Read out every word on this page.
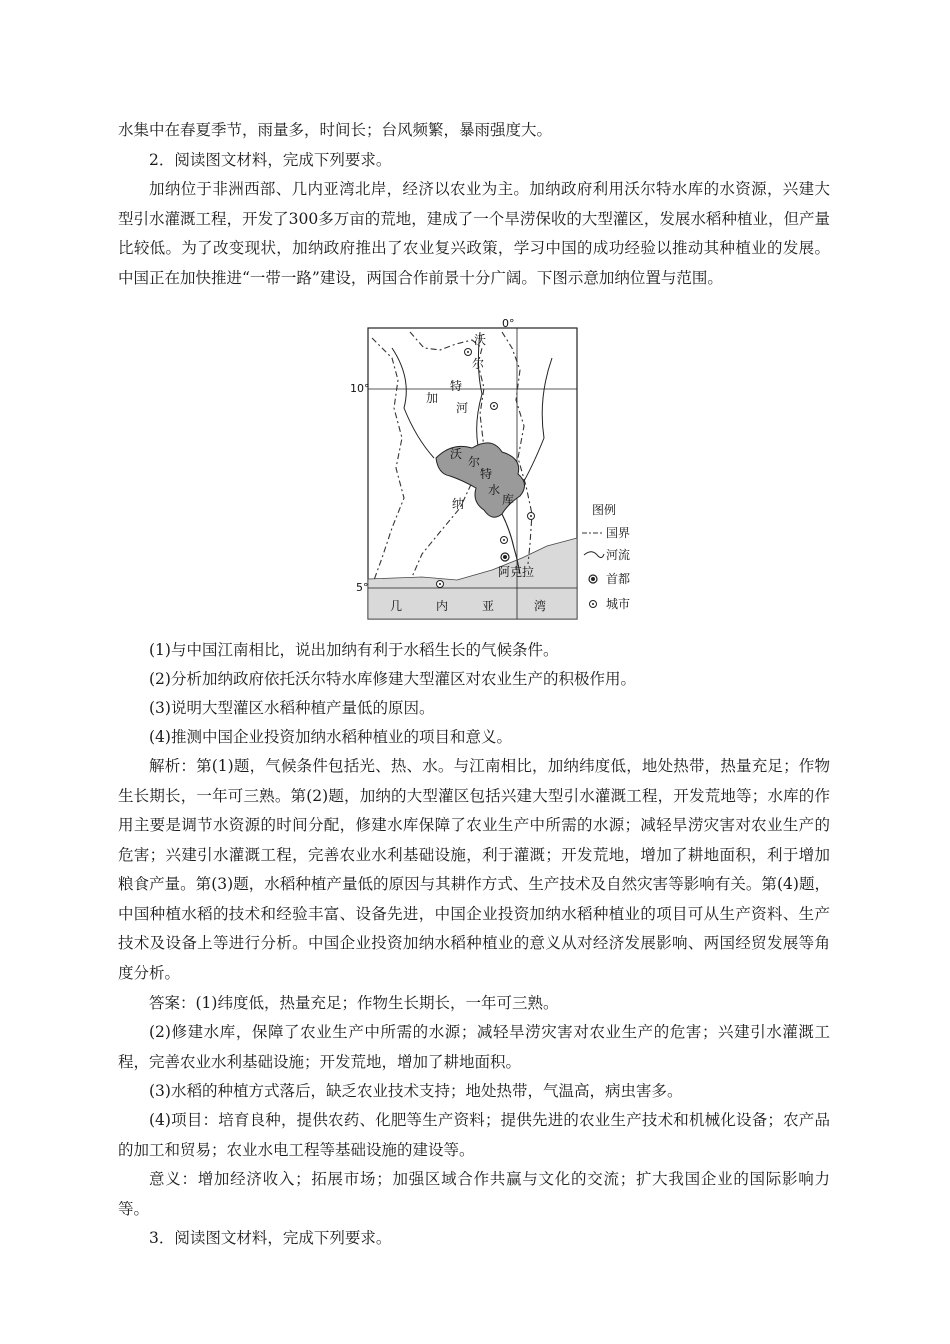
水集中在春夏季节，雨量多，时间长；台风频繁，暴雨强度大。

2．阅读图文材料，完成下列要求。

加纳位于非洲西部、几内亚湾北岸，经济以农业为主。加纳政府利用沃尔特水库的水资源，兴建大型引水灌溉工程，开发了300多万亩的荒地，建成了一个旱涝保收的大型灌区，发展水稻种植业，但产量比较低。为了改变现状，加纳政府推出了农业复兴政策，学习中国的成功经验以推动其种植业的发展。中国正在加快推进“一带一路”建设，两国合作前景十分广阔。下图示意加纳位置与范围。

10°
5°
0°
沃
尔
特
河
加
纳
沃
尔
特
水
库
阿克拉
几	内	亚	湾
图例
国界
河流
首都
城市

(1)与中国江南相比，说出加纳有利于水稻生长的气候条件。

(2)分析加纳政府依托沃尔特水库修建大型灌区对农业生产的积极作用。

(3)说明大型灌区水稻种植产量低的原因。

(4)推测中国企业投资加纳水稻种植业的项目和意义。

解析：第(1)题，气候条件包括光、热、水。与江南相比，加纳纬度低，地处热带，热量充足；作物生长期长，一年可三熟。第(2)题，加纳的大型灌区包括兴建大型引水灌溉工程，开发荒地等；水库的作用主要是调节水资源的时间分配，修建水库保障了农业生产中所需的水源；减轻旱涝灾害对农业生产的危害；兴建引水灌溉工程，完善农业水利基础设施，利于灌溉；开发荒地，增加了耕地面积，利于增加粮食产量。第(3)题，水稻种植产量低的原因与其耕作方式、生产技术及自然灾害等影响有关。第(4)题，中国种植水稻的技术和经验丰富、设备先进，中国企业投资加纳水稻种植业的项目可从生产资料、生产技术及设备上等进行分析。中国企业投资加纳水稻种植业的意义从对经济发展影响、两国经贸发展等角度分析。

答案：(1)纬度低，热量充足；作物生长期长，一年可三熟。

(2)修建水库，保障了农业生产中所需的水源；减轻旱涝灾害对农业生产的危害；兴建引水灌溉工程，完善农业水利基础设施；开发荒地，增加了耕地面积。

(3)水稻的种植方式落后，缺乏农业技术支持；地处热带，气温高，病虫害多。

(4)项目：培育良种，提供农药、化肥等生产资料；提供先进的农业生产技术和机械化设备；农产品的加工和贸易；农业水电工程等基础设施的建设等。

意义：增加经济收入；拓展市场；加强区域合作共赢与文化的交流；扩大我国企业的国际影响力等。

3．阅读图文材料，完成下列要求。
